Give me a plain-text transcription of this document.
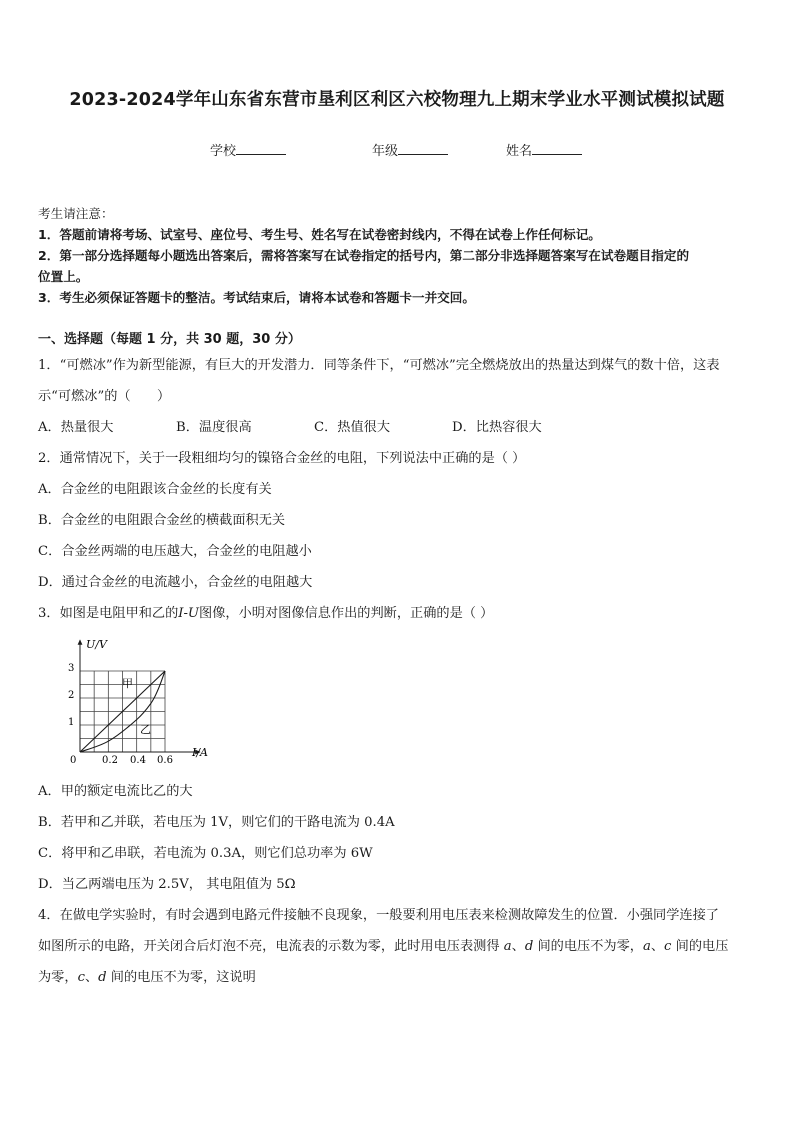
2023-2024学年山东省东营市垦利区利区六校物理九上期末学业水平测试模拟试题
学校	年级	姓名
考生请注意：
1．答题前请将考场、试室号、座位号、考生号、姓名写在试卷密封线内，不得在试卷上作任何标记。
2．第一部分选择题每小题选出答案后，需将答案写在试卷指定的括号内，第二部分非选择题答案写在试卷题目指定的
位置上。
3．考生必须保证答题卡的整洁。考试结束后，请将本试卷和答题卡一并交回。
一、选择题（每题 1 分，共 30 题，30 分）
1．“可燃冰”作为新型能源，有巨大的开发潜力．同等条件下，“可燃冰”完全燃烧放出的热量达到煤气的数十倍，这表
示“可燃冰”的（　　）
A．热量很大	B．温度很高	C．热值很大	D．比热容很大
2．通常情况下，关于一段粗细均匀的镍铬合金丝的电阻，下列说法中正确的是（ ）
A．合金丝的电阻跟该合金丝的长度有关
B．合金丝的电阻跟合金丝的横截面积无关
C．合金丝两端的电压越大，合金丝的电阻越小
D．通过合金丝的电流越小，合金丝的电阻越大
3．如图是电阻甲和乙的I-U图像，小明对图像信息作出的判断，正确的是（ ）
U/V
I/A
0	0.2 0.4 0.6
1
2
3
甲
乙
A．甲的额定电流比乙的大
B．若甲和乙并联，若电压为 1V，则它们的干路电流为 0.4A
C．将甲和乙串联，若电流为 0.3A，则它们总功率为 6W
D．当乙两端电压为 2.5V， 其电阻值为 5Ω
4．在做电学实验时，有时会遇到电路元件接触不良现象，一般要利用电压表来检测故障发生的位置．小强同学连接了
如图所示的电路，开关闭合后灯泡不亮，电流表的示数为零，此时用电压表测得 a、d 间的电压不为零，a、c 间的电压
为零，c、d 间的电压不为零，这说明
